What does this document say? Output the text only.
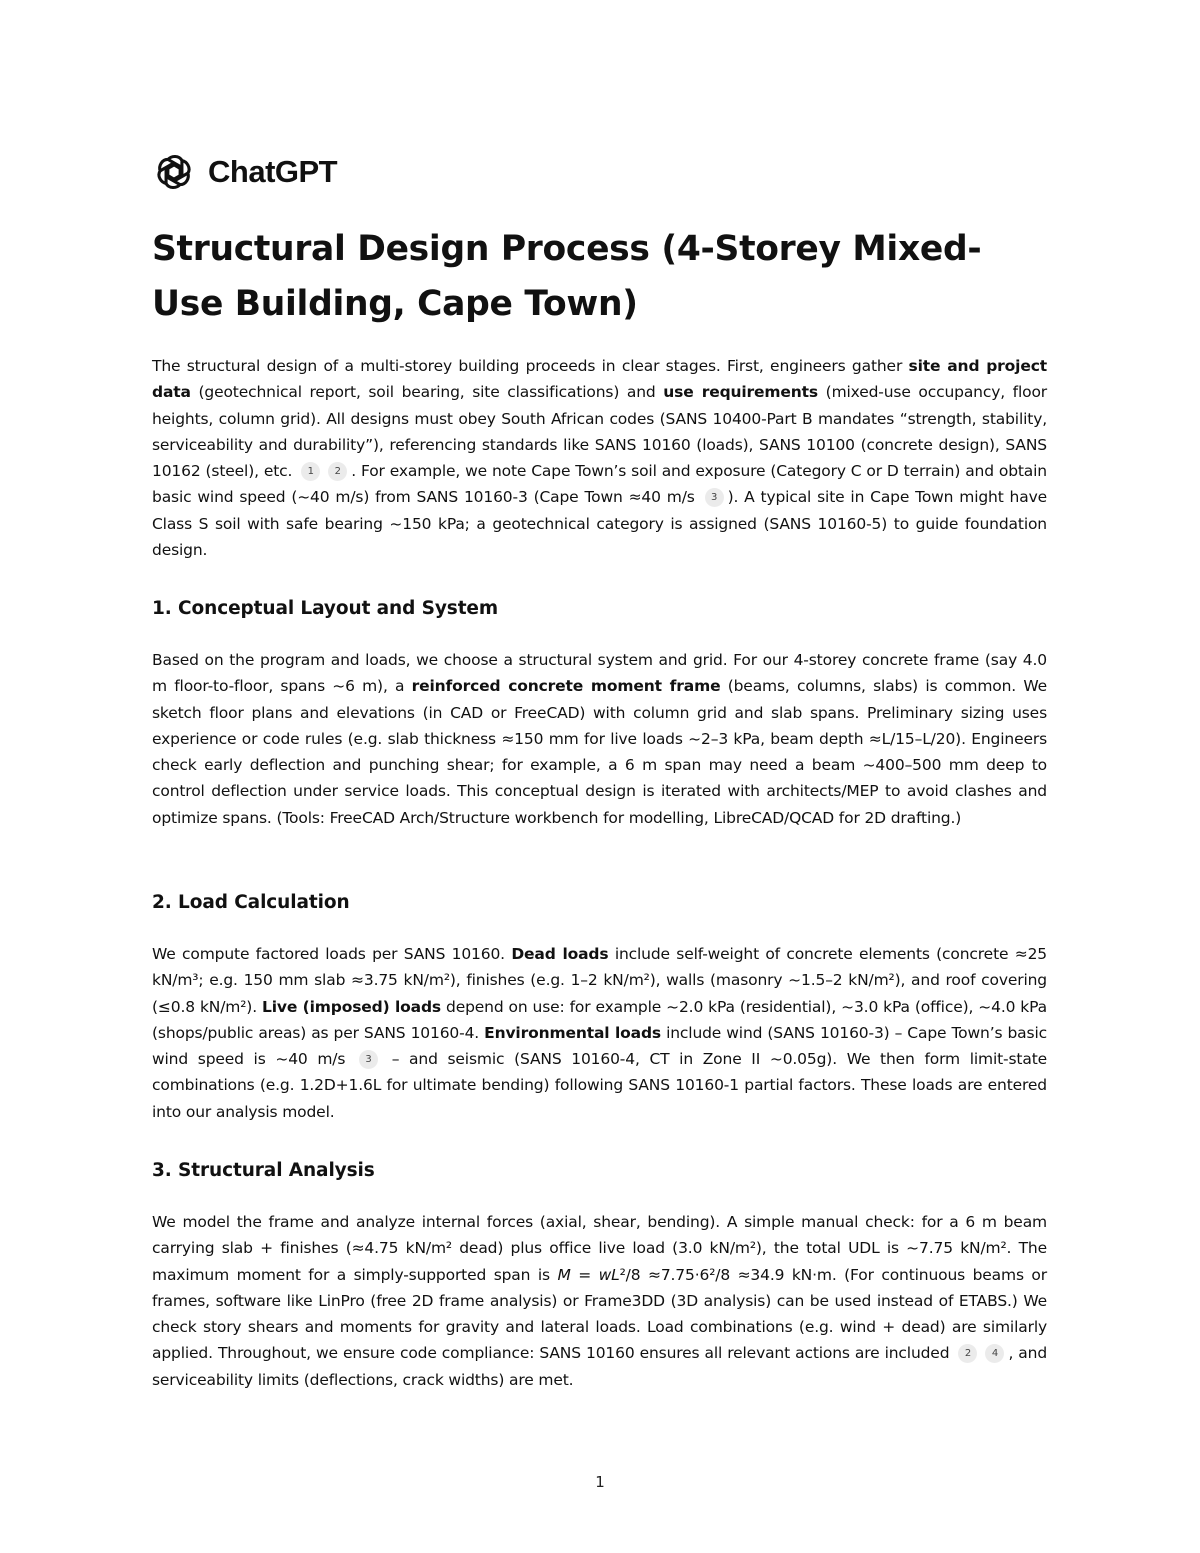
ChatGPT
Structural Design Process (4-Storey Mixed-Use Building, Cape Town)

The structural design of a multi-storey building proceeds in clear stages. First, engineers gather site and project data (geotechnical report, soil bearing, site classifications) and use requirements (mixed-use occupancy, floor heights, column grid). All designs must obey South African codes (SANS 10400-Part B mandates “strength, stability, serviceability and durability”), referencing standards like SANS 10160 (loads), SANS 10100 (concrete design), SANS 10162 (steel), etc. 1 2 . For example, we note Cape Town’s soil and exposure (Category C or D terrain) and obtain basic wind speed (~40 m/s) from SANS 10160-3 (Cape Town ≈40 m/s 3 ). A typical site in Cape Town might have Class S soil with safe bearing ~150 kPa; a geotechnical category is assigned (SANS 10160-5) to guide foundation design.

1. Conceptual Layout and System

Based on the program and loads, we choose a structural system and grid. For our 4-storey concrete frame (say 4.0 m floor-to-floor, spans ~6 m), a reinforced concrete moment frame (beams, columns, slabs) is common. We sketch floor plans and elevations (in CAD or FreeCAD) with column grid and slab spans. Preliminary sizing uses experience or code rules (e.g. slab thickness ≈150 mm for live loads ~2–3 kPa, beam depth ≈L/15–L/20). Engineers check early deflection and punching shear; for example, a 6 m span may need a beam ~400–500 mm deep to control deflection under service loads. This conceptual design is iterated with architects/MEP to avoid clashes and optimize spans. (Tools: FreeCAD Arch/Structure workbench for modelling, LibreCAD/QCAD for 2D drafting.)

2. Load Calculation

We compute factored loads per SANS 10160. Dead loads include self-weight of concrete elements (concrete ≈25 kN/m³; e.g. 150 mm slab ≈3.75 kN/m²), finishes (e.g. 1–2 kN/m²), walls (masonry ~1.5–2 kN/m²), and roof covering (≤0.8 kN/m²). Live (imposed) loads depend on use: for example ~2.0 kPa (residential), ~3.0 kPa (office), ~4.0 kPa (shops/public areas) as per SANS 10160-4. Environmental loads include wind (SANS 10160-3) – Cape Town’s basic wind speed is ~40 m/s 3 – and seismic (SANS 10160-4, CT in Zone II ~0.05g). We then form limit-state combinations (e.g. 1.2D+1.6L for ultimate bending) following SANS 10160-1 partial factors. These loads are entered into our analysis model.

3. Structural Analysis

We model the frame and analyze internal forces (axial, shear, bending). A simple manual check: for a 6 m beam carrying slab + finishes (≈4.75 kN/m² dead) plus office live load (3.0 kN/m²), the total UDL is ~7.75 kN/m². The maximum moment for a simply-supported span is M = wL²/8 ≈7.75·6²/8 ≈34.9 kN·m. (For continuous beams or frames, software like LinPro (free 2D frame analysis) or Frame3DD (3D analysis) can be used instead of ETABS.) We check story shears and moments for gravity and lateral loads. Load combinations (e.g. wind + dead) are similarly applied. Throughout, we ensure code compliance: SANS 10160 ensures all relevant actions are included 2 4 , and serviceability limits (deflections, crack widths) are met.

1
